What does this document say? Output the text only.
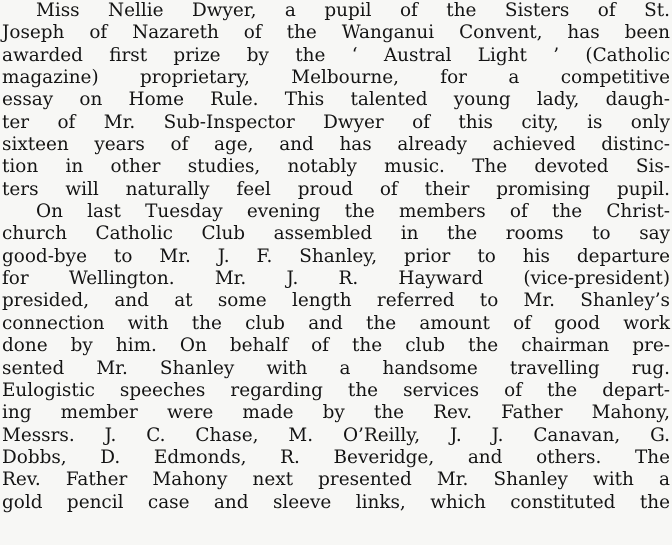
Miss Nellie Dwyer, a pupil of the Sisters of St.
Joseph of Nazareth of the Wanganui Convent, has been
awarded first prize by the ‘ Austral Light ’ (Catholic
magazine) proprietary, Melbourne, for a competitive
essay on Home Rule. This talented young lady, daugh-
ter of Mr. Sub-Inspector Dwyer of this city, is only
sixteen years of age, and has already achieved distinc-
tion in other studies, notably music. The devoted Sis-
ters will naturally feel proud of their promising pupil.
On last Tuesday evening the members of the Christ-
church Catholic Club assembled in the rooms to say
good-bye to Mr. J. F. Shanley, prior to his departure
for Wellington. Mr. J. R. Hayward (vice-president)
presided, and at some length referred to Mr. Shanley’s
connection with the club and the amount of good work
done by him. On behalf of the club the chairman pre-
sented Mr. Shanley with a handsome travelling rug.
Eulogistic speeches regarding the services of the depart-
ing member were made by the Rev. Father Mahony,
Messrs. J. C. Chase, M. O’Reilly, J. J. Canavan, G.
Dobbs, D. Edmonds, R. Beveridge, and others. The
Rev. Father Mahony next presented Mr. Shanley with a
gold pencil case and sleeve links, which constituted the
